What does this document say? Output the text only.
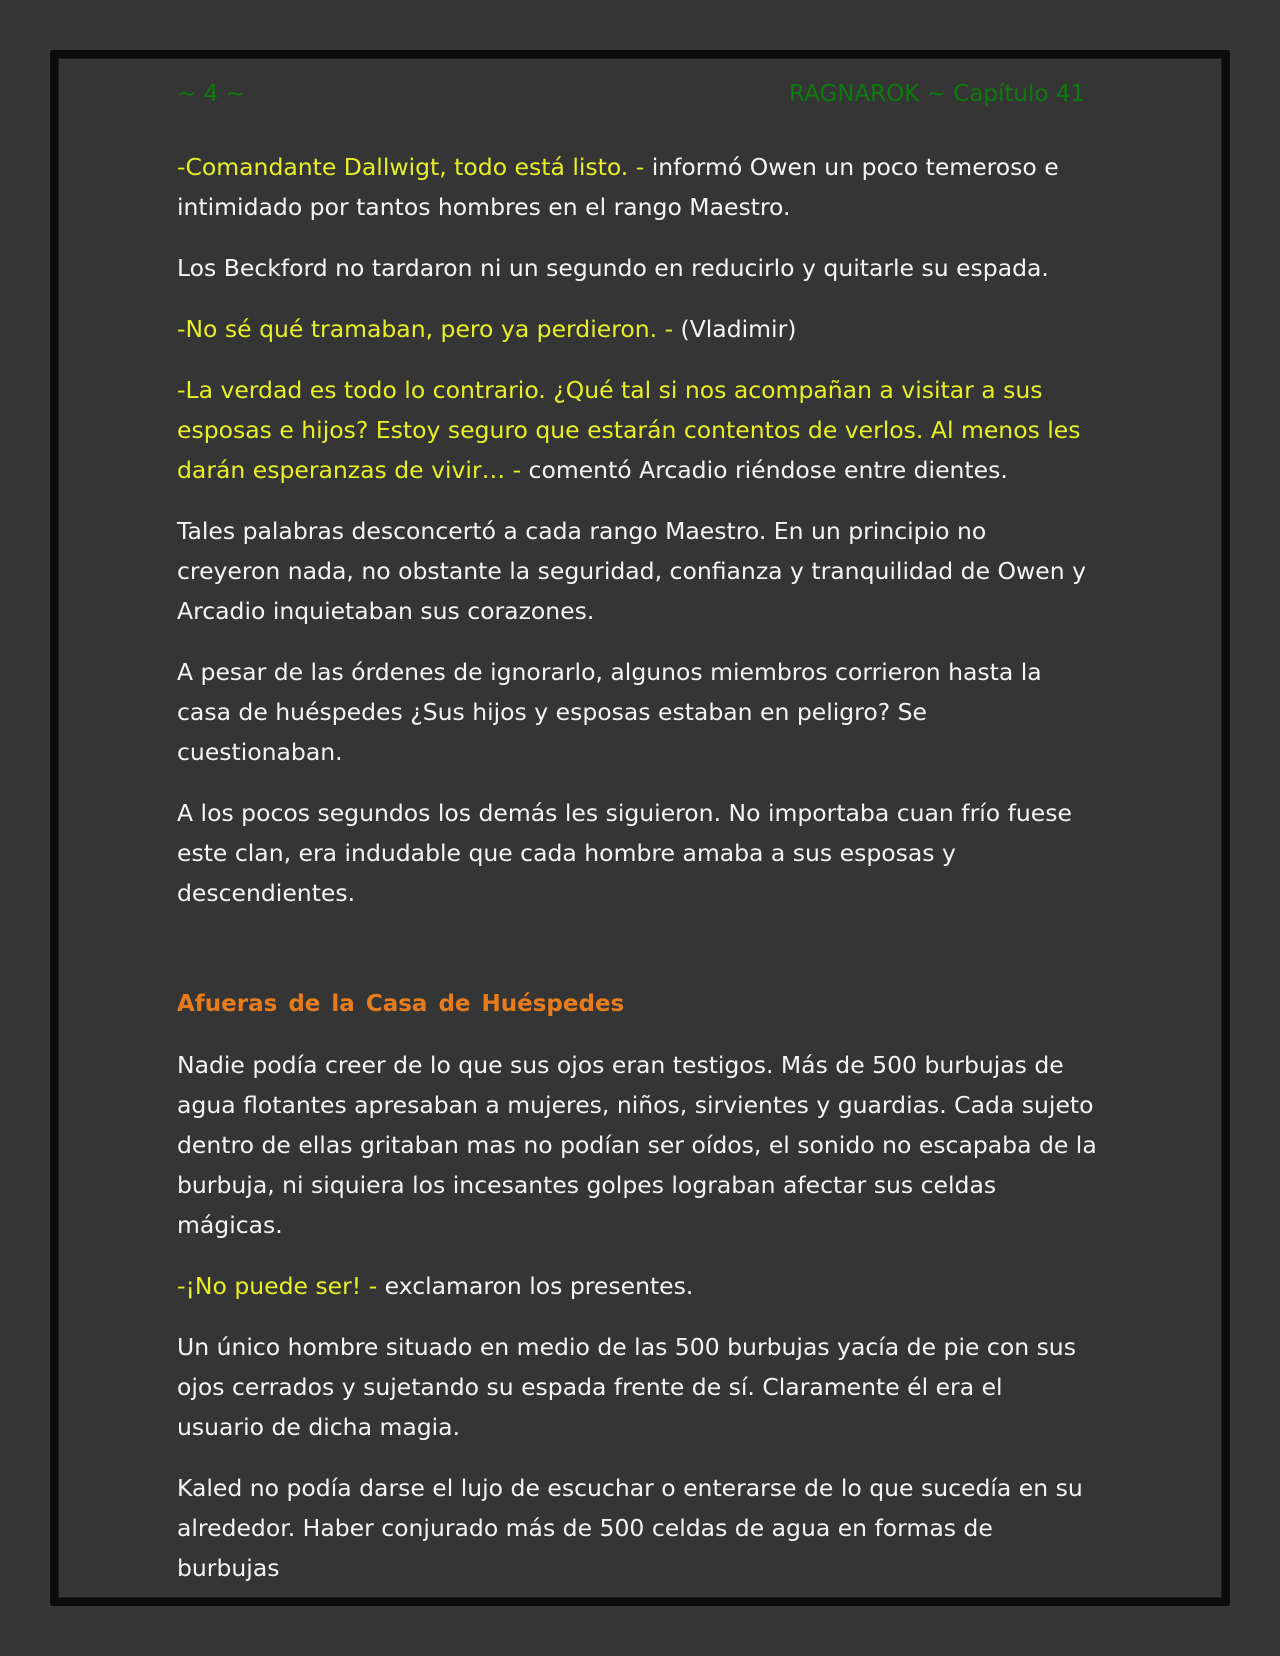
~ 4 ~	RAGNAROK ~ Capítulo 41

-Comandante Dallwigt, todo está listo. - informó Owen un poco temeroso e intimidado por tantos hombres en el rango Maestro.

Los Beckford no tardaron ni un segundo en reducirlo y quitarle su espada.

-No sé qué tramaban, pero ya perdieron. - (Vladimir)

-La verdad es todo lo contrario. ¿Qué tal si nos acompañan a visitar a sus esposas e hijos? Estoy seguro que estarán contentos de verlos. Al menos les darán esperanzas de vivir… - comentó Arcadio riéndose entre dientes.

Tales palabras desconcertó a cada rango Maestro. En un principio no creyeron nada, no obstante la seguridad, confianza y tranquilidad de Owen y Arcadio inquietaban sus corazones.

A pesar de las órdenes de ignorarlo, algunos miembros corrieron hasta la casa de huéspedes ¿Sus hijos y esposas estaban en peligro? Se cuestionaban.

A los pocos segundos los demás les siguieron. No importaba cuan frío fuese este clan, era indudable que cada hombre amaba a sus esposas y descendientes.

Afueras de la Casa de Huéspedes

Nadie podía creer de lo que sus ojos eran testigos. Más de 500 burbujas de agua flotantes apresaban a mujeres, niños, sirvientes y guardias. Cada sujeto dentro de ellas gritaban mas no podían ser oídos, el sonido no escapaba de la burbuja, ni siquiera los incesantes golpes lograban afectar sus celdas mágicas.

-¡No puede ser! - exclamaron los presentes.

Un único hombre situado en medio de las 500 burbujas yacía de pie con sus ojos cerrados y sujetando su espada frente de sí. Claramente él era el usuario de dicha magia.

Kaled no podía darse el lujo de escuchar o enterarse de lo que sucedía en su alrededor. Haber conjurado más de 500 celdas de agua en formas de burbujas
